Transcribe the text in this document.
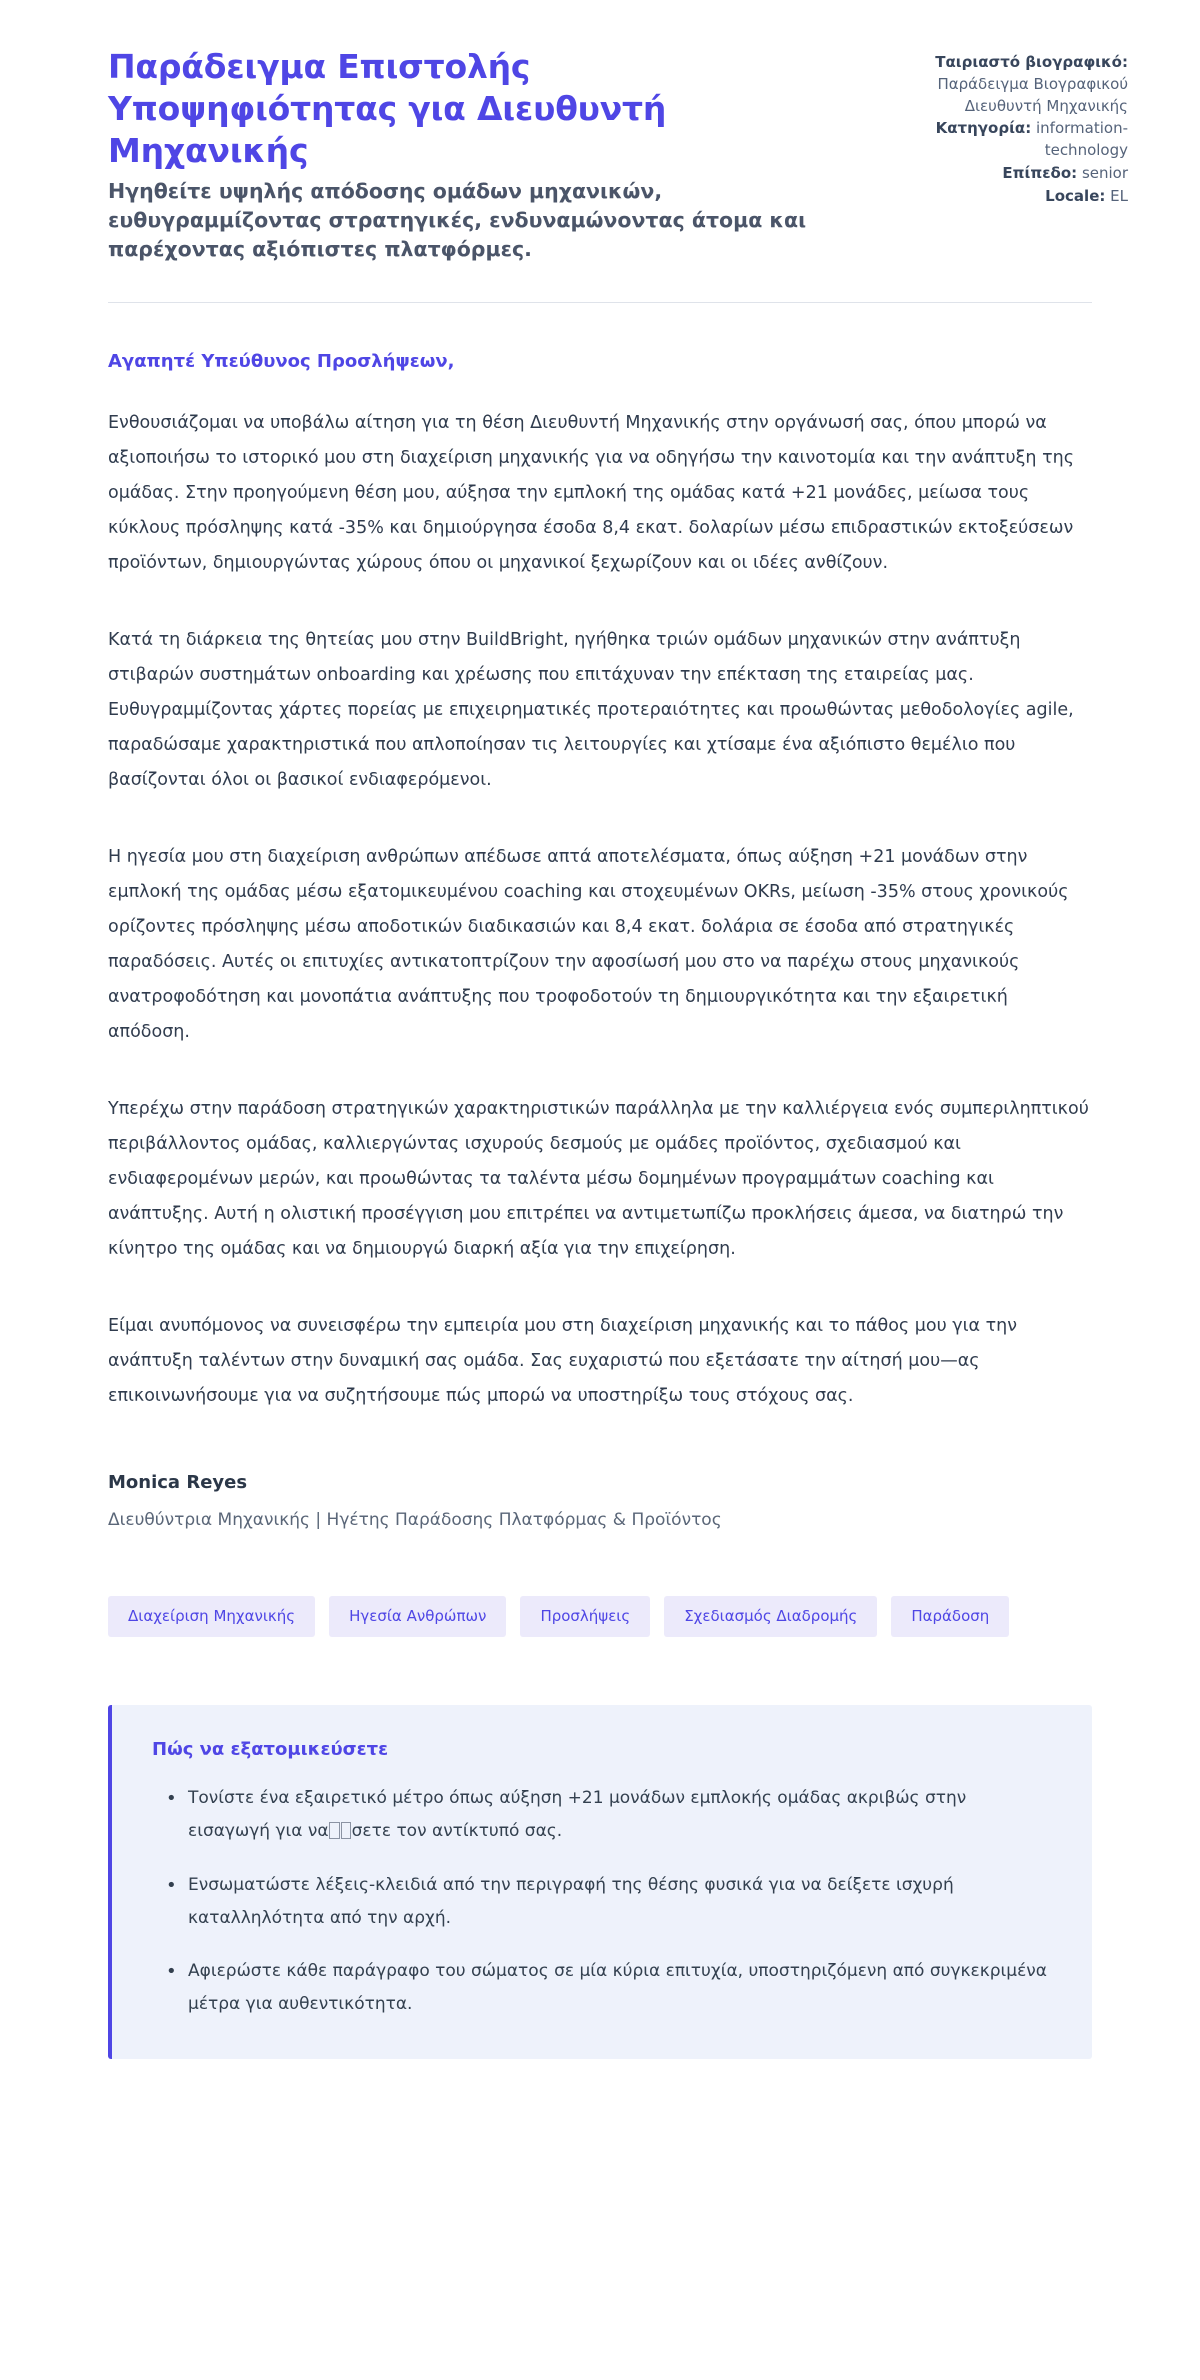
Παράδειγμα Επιστολής Υποψηφιότητας για Διευθυντή Μηχανικής

Ηγηθείτε υψηλής απόδοσης ομάδων μηχανικών, ευθυγραμμίζοντας στρατηγικές, ενδυναμώνοντας άτομα και παρέχοντας αξιόπιστες πλατφόρμες.

Ταιριαστό βιογραφικό:
Παράδειγμα Βιογραφικού Διευθυντή Μηχανικής
Κατηγορία: information-technology
Επίπεδο: senior
Locale: EL

Αγαπητέ Υπεύθυνος Προσλήψεων,

Ενθουσιάζομαι να υποβάλω αίτηση για τη θέση Διευθυντή Μηχανικής στην οργάνωσή σας, όπου μπορώ να αξιοποιήσω το ιστορικό μου στη διαχείριση μηχανικής για να οδηγήσω την καινοτομία και την ανάπτυξη της ομάδας. Στην προηγούμενη θέση μου, αύξησα την εμπλοκή της ομάδας κατά +21 μονάδες, μείωσα τους κύκλους πρόσληψης κατά -35% και δημιούργησα έσοδα 8,4 εκατ. δολαρίων μέσω επιδραστικών εκτοξεύσεων προϊόντων, δημιουργώντας χώρους όπου οι μηχανικοί ξεχωρίζουν και οι ιδέες ανθίζουν.

Κατά τη διάρκεια της θητείας μου στην BuildBright, ηγήθηκα τριών ομάδων μηχανικών στην ανάπτυξη στιβαρών συστημάτων onboarding και χρέωσης που επιτάχυναν την επέκταση της εταιρείας μας. Ευθυγραμμίζοντας χάρτες πορείας με επιχειρηματικές προτεραιότητες και προωθώντας μεθοδολογίες agile, παραδώσαμε χαρακτηριστικά που απλοποίησαν τις λειτουργίες και χτίσαμε ένα αξιόπιστο θεμέλιο που βασίζονται όλοι οι βασικοί ενδιαφερόμενοι.

Η ηγεσία μου στη διαχείριση ανθρώπων απέδωσε απτά αποτελέσματα, όπως αύξηση +21 μονάδων στην εμπλοκή της ομάδας μέσω εξατομικευμένου coaching και στοχευμένων OKRs, μείωση -35% στους χρονικούς ορίζοντες πρόσληψης μέσω αποδοτικών διαδικασιών και 8,4 εκατ. δολάρια σε έσοδα από στρατηγικές παραδόσεις. Αυτές οι επιτυχίες αντικατοπτρίζουν την αφοσίωσή μου στο να παρέχω στους μηχανικούς ανατροφοδότηση και μονοπάτια ανάπτυξης που τροφοδοτούν τη δημιουργικότητα και την εξαιρετική απόδοση.

Υπερέχω στην παράδοση στρατηγικών χαρακτηριστικών παράλληλα με την καλλιέργεια ενός συμπεριληπτικού περιβάλλοντος ομάδας, καλλιεργώντας ισχυρούς δεσμούς με ομάδες προϊόντος, σχεδιασμού και ενδιαφερομένων μερών, και προωθώντας τα ταλέντα μέσω δομημένων προγραμμάτων coaching και ανάπτυξης. Αυτή η ολιστική προσέγγιση μου επιτρέπει να αντιμετωπίζω προκλήσεις άμεσα, να διατηρώ την κίνητρο της ομάδας και να δημιουργώ διαρκή αξία για την επιχείρηση.

Είμαι ανυπόμονος να συνεισφέρω την εμπειρία μου στη διαχείριση μηχανικής και το πάθος μου για την ανάπτυξη ταλέντων στην δυναμική σας ομάδα. Σας ευχαριστώ που εξετάσατε την αίτησή μου—ας επικοινωνήσουμε για να συζητήσουμε πώς μπορώ να υποστηρίξω τους στόχους σας.

Monica Reyes

Διευθύντρια Μηχανικής | Ηγέτης Παράδοσης Πλατφόρμας & Προϊόντος

Διαχείριση Μηχανικής	Ηγεσία Ανθρώπων	Προσλήψεις	Σχεδιασμός Διαδρομής	Παράδοση

Πώς να εξατομικεύσετε

• Τονίστε ένα εξαιρετικό μέτρο όπως αύξηση +21 μονάδων εμπλοκής ομάδας ακριβώς στην εισαγωγή για να σετε τον αντίκτυπό σας.
• Ενσωματώστε λέξεις-κλειδιά από την περιγραφή της θέσης φυσικά για να δείξετε ισχυρή καταλληλότητα από την αρχή.
• Αφιερώστε κάθε παράγραφο του σώματος σε μία κύρια επιτυχία, υποστηριζόμενη από συγκεκριμένα μέτρα για αυθεντικότητα.
